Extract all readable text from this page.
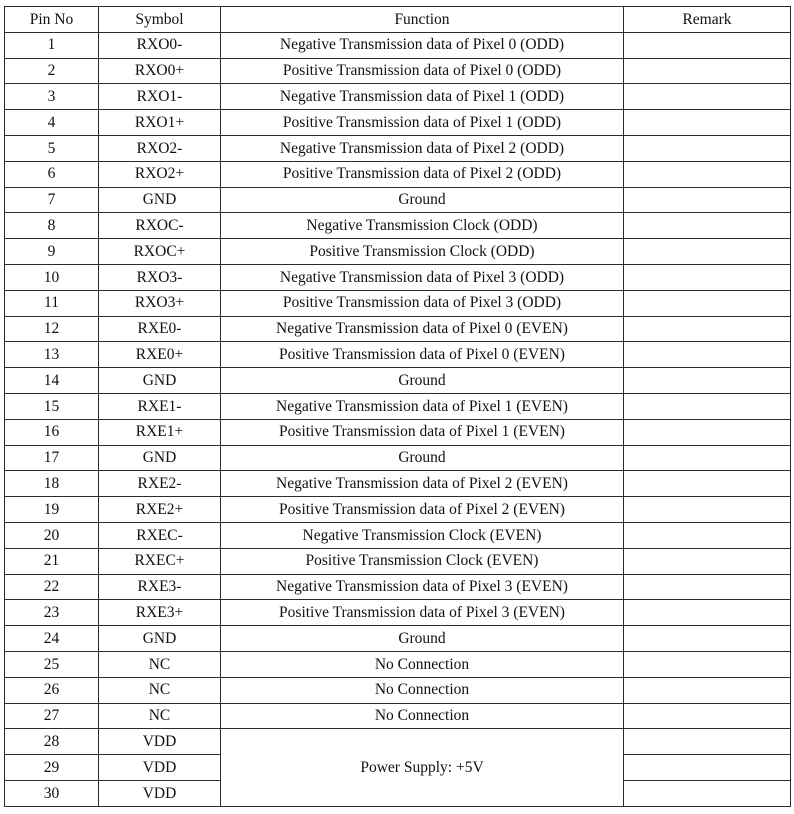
Pin No	Symbol	Function	Remark
1	RXO0-	Negative Transmission data of Pixel 0 (ODD)	
2	RXO0+	Positive Transmission data of Pixel 0 (ODD)	
3	RXO1-	Negative Transmission data of Pixel 1 (ODD)	
4	RXO1+	Positive Transmission data of Pixel 1 (ODD)	
5	RXO2-	Negative Transmission data of Pixel 2 (ODD)	
6	RXO2+	Positive Transmission data of Pixel 2 (ODD)	
7	GND	Ground	
8	RXOC-	Negative Transmission Clock (ODD)	
9	RXOC+	Positive Transmission Clock (ODD)	
10	RXO3-	Negative Transmission data of Pixel 3 (ODD)	
11	RXO3+	Positive Transmission data of Pixel 3 (ODD)	
12	RXE0-	Negative Transmission data of Pixel 0 (EVEN)	
13	RXE0+	Positive Transmission data of Pixel 0 (EVEN)	
14	GND	Ground	
15	RXE1-	Negative Transmission data of Pixel 1 (EVEN)	
16	RXE1+	Positive Transmission data of Pixel 1 (EVEN)	
17	GND	Ground	
18	RXE2-	Negative Transmission data of Pixel 2 (EVEN)	
19	RXE2+	Positive Transmission data of Pixel 2 (EVEN)	
20	RXEC-	Negative Transmission Clock (EVEN)	
21	RXEC+	Positive Transmission Clock (EVEN)	
22	RXE3-	Negative Transmission data of Pixel 3 (EVEN)	
23	RXE3+	Positive Transmission data of Pixel 3 (EVEN)	
24	GND	Ground	
25	NC	No Connection	
26	NC	No Connection	
27	NC	No Connection	
28	VDD	Power Supply: +5V	
29	VDD		
30	VDD		
